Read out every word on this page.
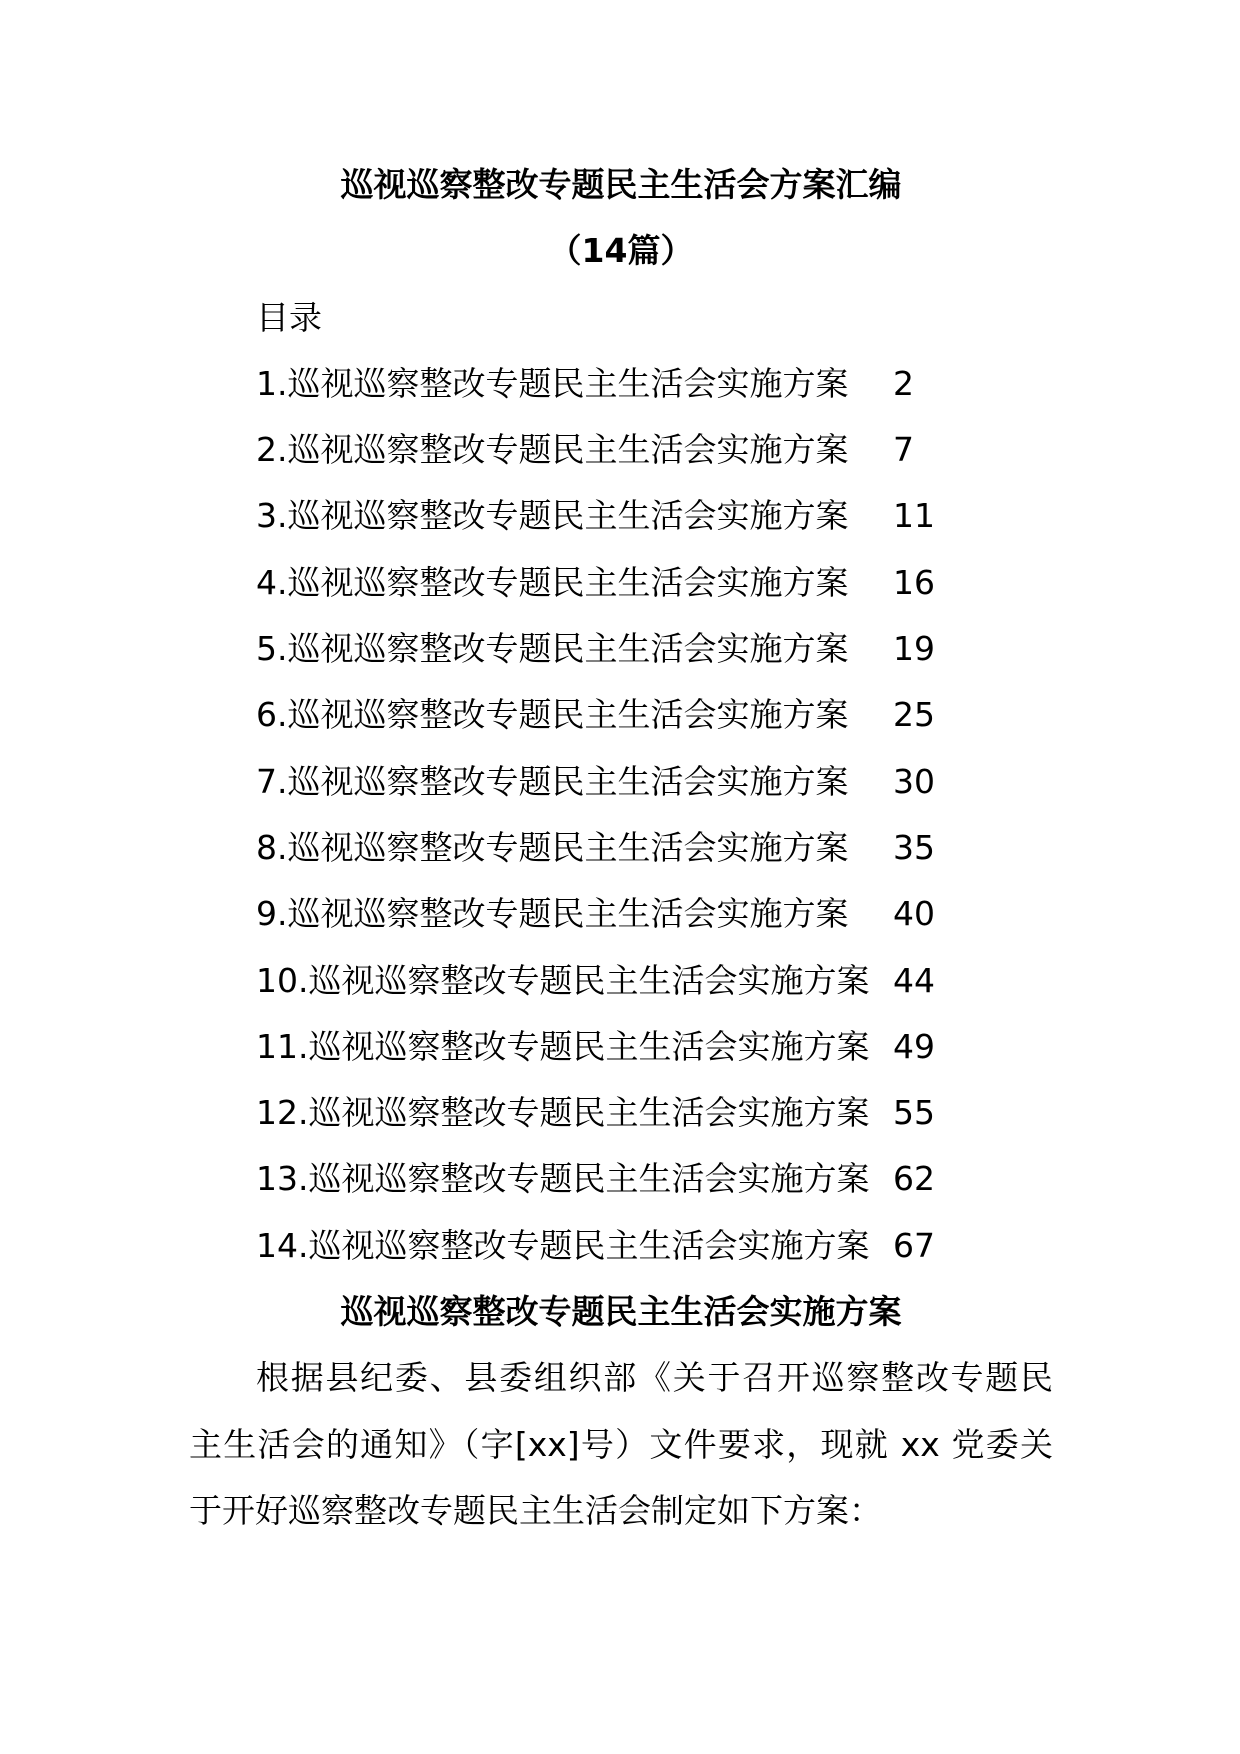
巡视巡察整改专题民主生活会方案汇编
（14篇）
目录
1.巡视巡察整改专题民主生活会实施方案	2
2.巡视巡察整改专题民主生活会实施方案	7
3.巡视巡察整改专题民主生活会实施方案	11
4.巡视巡察整改专题民主生活会实施方案	16
5.巡视巡察整改专题民主生活会实施方案	19
6.巡视巡察整改专题民主生活会实施方案	25
7.巡视巡察整改专题民主生活会实施方案	30
8.巡视巡察整改专题民主生活会实施方案	35
9.巡视巡察整改专题民主生活会实施方案	40
10.巡视巡察整改专题民主生活会实施方案 44
11.巡视巡察整改专题民主生活会实施方案 49
12.巡视巡察整改专题民主生活会实施方案 55
13.巡视巡察整改专题民主生活会实施方案 62
14.巡视巡察整改专题民主生活会实施方案 67
巡视巡察整改专题民主生活会实施方案
根据县纪委、县委组织部《关于召开巡察整改专题民
主生活会的通知》（字[xx]号）文件要求，现就 xx 党委关
于开好巡察整改专题民主生活会制定如下方案：
